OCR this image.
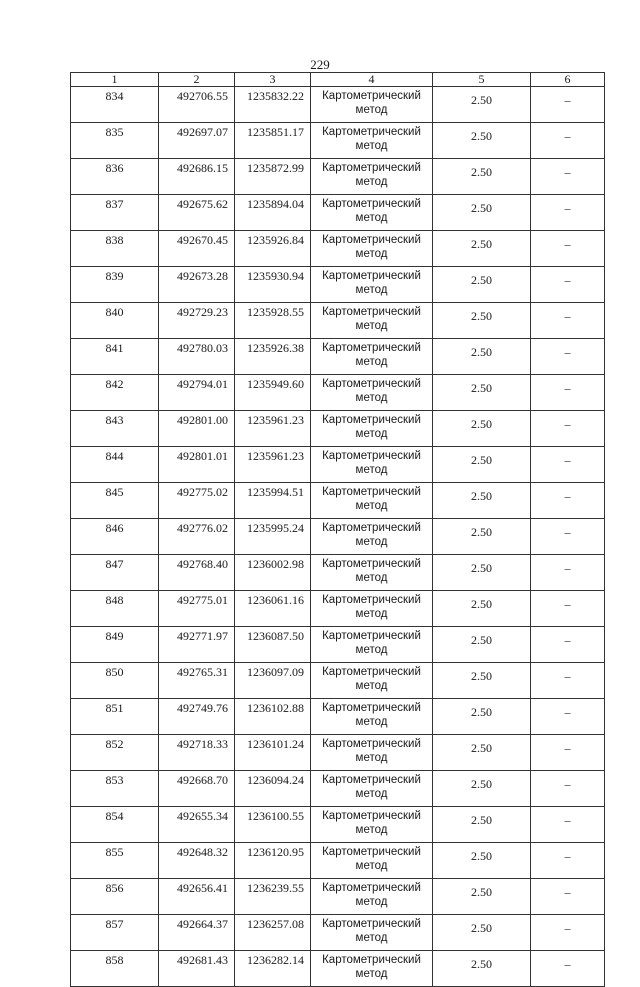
229
1	2	3	4	5	6

834	492706.55	1235832.22	Картометрический
метод	2.50	–

835	492697.07	1235851.17	Картометрический
метод	2.50	–

836	492686.15	1235872.99	Картометрический
метод	2.50	–

837	492675.62	1235894.04	Картометрический
метод	2.50	–

838	492670.45	1235926.84	Картометрический
метод	2.50	–

839	492673.28	1235930.94	Картометрический
метод	2.50	–

840	492729.23	1235928.55	Картометрический
метод	2.50	–

841	492780.03	1235926.38	Картометрический
метод	2.50	–

842	492794.01	1235949.60	Картометрический
метод	2.50	–

843	492801.00	1235961.23	Картометрический
метод	2.50	–

844	492801.01	1235961.23	Картометрический
метод	2.50	–

845	492775.02	1235994.51	Картометрический
метод	2.50	–

846	492776.02	1235995.24	Картометрический
метод	2.50	–

847	492768.40	1236002.98	Картометрический
метод	2.50	–

848	492775.01	1236061.16	Картометрический
метод	2.50	–

849	492771.97	1236087.50	Картометрический
метод	2.50	–

850	492765.31	1236097.09	Картометрический
метод	2.50	–

851	492749.76	1236102.88	Картометрический
метод	2.50	–

852	492718.33	1236101.24	Картометрический
метод	2.50	–

853	492668.70	1236094.24	Картометрический
метод	2.50	–

854	492655.34	1236100.55	Картометрический
метод	2.50	–

855	492648.32	1236120.95	Картометрический
метод	2.50	–

856	492656.41	1236239.55	Картометрический
метод	2.50	–

857	492664.37	1236257.08	Картометрический
метод	2.50	–

858	492681.43	1236282.14	Картометрический
метод	2.50	–
